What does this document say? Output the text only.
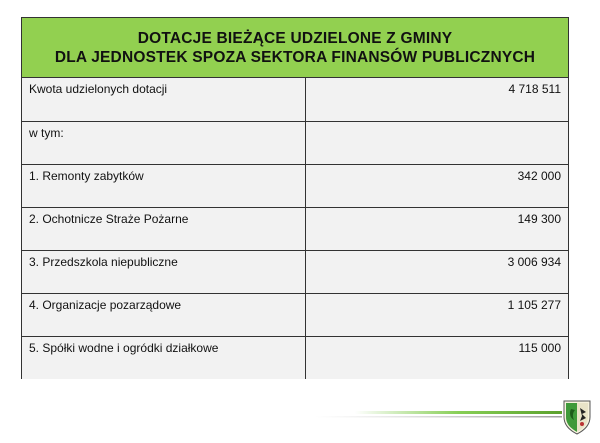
DOTACJE BIEŻĄCE UDZIELONE Z GMINY
DLA JEDNOSTEK SPOZA SEKTORA FINANSÓW PUBLICZNYCH
Kwota udzielonych dotacji	4 718 511
w tym:	
1. Remonty zabytków	342 000
2. Ochotnicze Straże Pożarne	149 300
3. Przedszkola niepubliczne	3 006 934
4. Organizacje pozarządowe	1 105 277
5. Spółki wodne i ogródki działkowe	115 000
